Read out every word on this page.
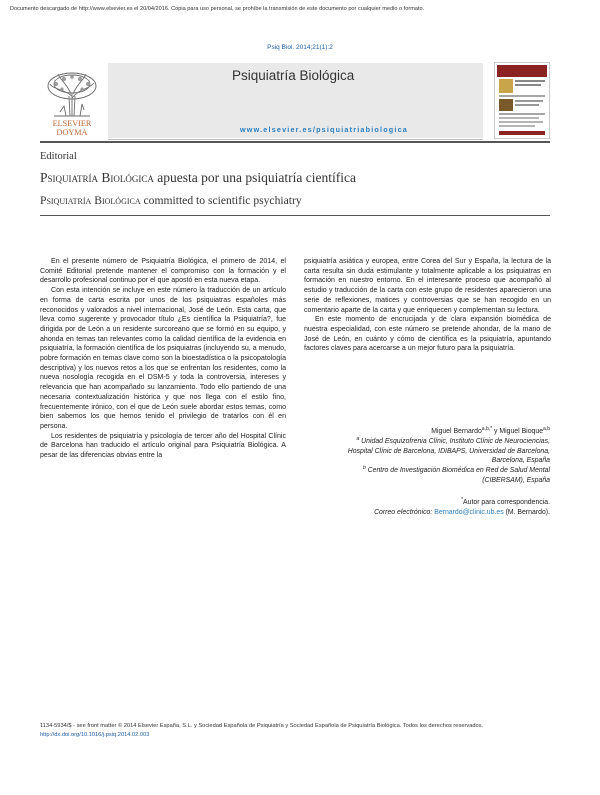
Documento descargado de http://www.elsevier.es el 20/04/2016. Copia para uso personal, se prohíbe la transmisión de este documento por cualquier medio o formato.
Psiq Biol. 2014;21(1):2
ELSEVIER
DOYMA
Psiquiatría Biológica
www.elsevier.es/psiquiatriabiologica
Editorial
Psiquiatría Biológica apuesta por una psiquiatría científica
Psiquiatría Biológica committed to scientific psychiatry

En el presente número de Psiquiatría Biológica, el primero de 2014, el Comité Editorial pretende mantener el compromiso con la formación y el desarrollo profesional continuo por el que apostó en esta nueva etapa.

Con esta intención se incluye en este número la traducción de un artículo en forma de carta escrita por unos de los psiquiatras españoles más reconocidos y valorados a nivel internacional, José de León. Esta carta, que lleva como sugerente y provocador título ¿Es científica la Psiquiatría?, fue dirigida por de León a un residente surcoreano que se formó en su equipo, y ahonda en temas tan relevantes como la calidad científica de la evidencia en psiquiatría, la formación científica de los psiquiatras (incluyendo su, a menudo, pobre formación en temas clave como son la bioestadística o la psicopatología descriptiva) y los nuevos retos a los que se enfrentan los residentes, como la nueva nosología recogida en el DSM-5 y toda la controversia, intereses y relevancia que han acompañado su lanzamiento. Todo ello partiendo de una necesaria contextualización histórica y que nos llega con el estilo fino, frecuentemente irónico, con el que de León suele abordar estos temas, como bien sabemos los que hemos tenido el privilegio de tratarlos con él en persona.

Los residentes de psiquiatría y psicología de tercer año del Hospital Clínic de Barcelona han traducido el artículo original para Psiquiatría Biológica. A pesar de las diferencias obvias entre la

psiquiatría asiática y europea, entre Corea del Sur y España, la lectura de la carta resulta sin duda estimulante y totalmente aplicable a los psiquiatras en formación en nuestro entorno. En el interesante proceso que acompañó al estudio y traducción de la carta con este grupo de residentes aparecieron una serie de reflexiones, matices y controversias que se han recogido en un comentario aparte de la carta y que enriquecen y complementan su lectura.

En este momento de encrucijada y de clara expansión biomédica de nuestra especialidad, con este número se pretende ahondar, de la mano de José de León, en cuánto y cómo de científica es la psiquiatría, apuntando factores claves para acercarse a un mejor futuro para la psiquiatría.

Miguel Bernardo$^{a,b,*}$ y Miguel Bioque$^{a,b}$
$^a$ Unidad Esquizofrenia Clínic, Instituto Clínic de Neurociencias,
Hospital Clínic de Barcelona, IDIBAPS, Universidad de Barcelona,
Barcelona, España
$^b$ Centro de Investigación Biomédica en Red de Salud Mental
(CIBERSAM), España
*Autor para correspondencia.
Correo electrónico: Bernardo@clinic.ub.es (M. Bernardo).
1134-5934/$ - see front matter © 2014 Elsevier España, S.L. y Sociedad Española de Psiquiatría y Sociedad Española de Psiquiatría Biológica. Todos los derechos reservados.
http://dx.doi.org/10.1016/j.psiq.2014.02.003
